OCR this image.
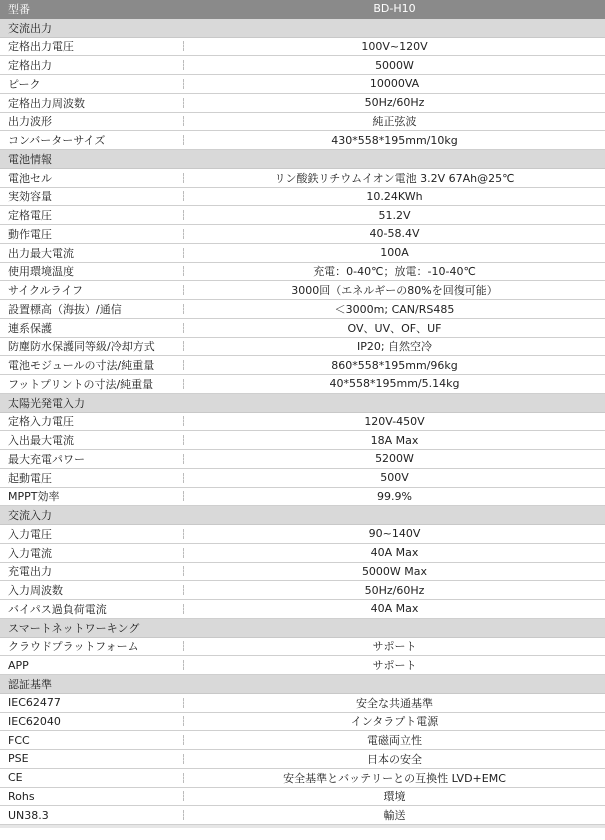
型番	BD-H10
交流出力
定格出力電圧	100V~120V
定格出力	5000W
ピーク	10000VA
定格出力周波数	50Hz/60Hz
出力波形	純正弦波
コンバーターサイズ	430*558*195mm/10kg
電池情報
電池セル	リン酸鉄リチウムイオン電池 3.2V 67Ah@25℃
実効容量	10.24KWh
定格電圧	51.2V
動作電圧	40-58.4V
出力最大電流	100A
使用環境温度	充電：0-40℃；放電：-10-40℃
サイクルライフ	3000回（エネルギーの80%を回復可能）
設置標高（海抜）/通信	＜3000m; CAN/RS485
連系保護	OV、UV、OF、UF
防塵防水保護同等級/冷却方式	IP20; 自然空冷
電池モジュールの寸法/純重量	860*558*195mm/96kg
フットプリントの寸法/純重量	40*558*195mm/5.14kg
太陽光発電入力
定格入力電圧	120V-450V
入出最大電流	18A Max
最大充電パワー	5200W
起動電圧	500V
MPPT効率	99.9%
交流入力
入力電圧	90~140V
入力電流	40A Max
充電出力	5000W Max
入力周波数	50Hz/60Hz
バイパス過負荷電流	40A Max
スマートネットワーキング
クラウドプラットフォーム	サポート
APP	サポート
認証基準
IEC62477	安全な共通基準
IEC62040	インタラプト電源
FCC	電磁両立性
PSE	日本の安全
CE	安全基準とバッテリーとの互換性 LVD+EMC
Rohs	環境
UN38.3	輸送
